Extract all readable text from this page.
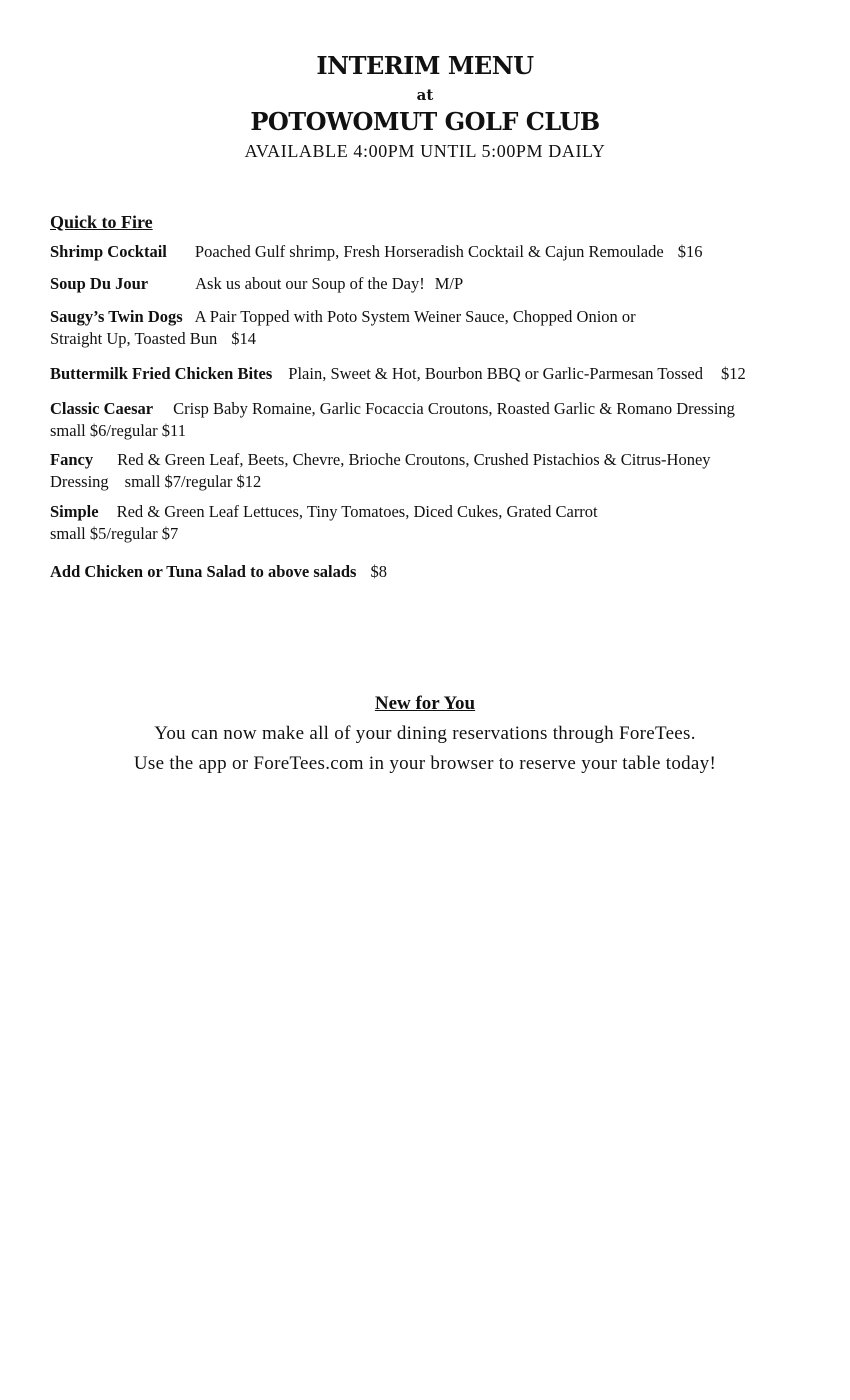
INTERIM MENU
at
POTOWOMUT GOLF CLUB
AVAILABLE 4:00PM UNTIL 5:00PM DAILY
Quick to Fire
Shrimp Cocktail Poached Gulf shrimp, Fresh Horseradish Cocktail & Cajun Remoulade $16
Soup Du Jour	Ask us about our Soup of the Day! M/P
Saugy’s Twin Dogs A Pair Topped with Poto System Weiner Sauce, Chopped Onion or
Straight Up, Toasted Bun $14
Buttermilk Fried Chicken Bites Plain, Sweet & Hot, Bourbon BBQ or Garlic-Parmesan Tossed $12
Classic Caesar Crisp Baby Romaine, Garlic Focaccia Croutons, Roasted Garlic & Romano Dressing
small $6/regular $11
Fancy Red & Green Leaf, Beets, Chevre, Brioche Croutons, Crushed Pistachios & Citrus-Honey
Dressing small $7/regular $12
Simple Red & Green Leaf Lettuces, Tiny Tomatoes, Diced Cukes, Grated Carrot
small $5/regular $7
Add Chicken or Tuna Salad to above salads $8
New for You
You can now make all of your dining reservations through ForeTees.
Use the app or ForeTees.com in your browser to reserve your table today!
